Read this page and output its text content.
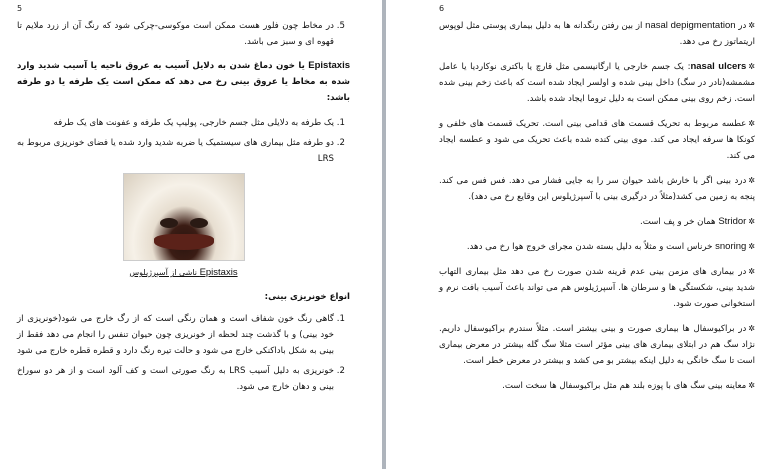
5
5. در مخاط چون فلور هست ممکن است موکوسی-چرکی شود که رنگ آن از زرد ملایم تا قهوه ای و سبز می باشد.

Epistaxis یا خون دماغ شدن به دلایل آسیب به عروق ناحیه یا آسیب شدید وارد شده به مخاط یا عروق بینی رخ می دهد که ممکن است یک طرفه یا دو طرفه باشد:

1. یک طرفه به دلایلی مثل جسم خارجی، پولیپ یک طرفه و عفونت های یک طرفه
2. دو طرفه مثل بیماری های سیستمیک یا ضربه شدید وارد شده یا فضای خونریزی مربوط به LRS
Epistaxis ناشی از آسپرژیلوس
انواع خونریزی بینی:
1. گاهی رنگ خون شفاف است و همان رنگی است که از رگ خارج می شود(خونریزی از خود بینی) و با گذشت چند لحظه از خونریزی چون حیوان تنفس را انجام می دهد فقط از بینی به شکل باداکنکی خارج می شود و حالت تیره رنگ دارد و قطره قطره خارج می شود
2. خونریزی به دلیل آسیب LRS به رنگ صورتی است و کف آلود است و از هر دو سوراخ بینی و دهان خارج می شود.
6
✲در nasal depigmentation از بین رفتن رنگدانه ها به دلیل بیماری پوستی مثل لوپوس اریتماتوز رخ می دهد.
✲nasal ulcers: یک جسم خارجی یا ارگانیسمی مثل قارچ یا باکتری نوکاردیا یا عامل مشمشه(نادر در سگ) داخل بینی شده و اولسر ایجاد شده است که باعث زخم بینی شده است. زخم روی بینی ممکن است به دلیل تروما ایجاد شده باشد.
✲عطسه مربوط به تحریک قسمت های قدامی بینی است. تحریک قسمت های خلفی و کونکا ها سرفه ایجاد می کند. موی بینی کنده شده باعث تحریک می شود و عطسه ایجاد می کند.
✲درد بینی اگر با خارش باشد حیوان سر را به جایی فشار می دهد. فس فس می کند. پنجه به زمین می کشد(مثلاً در درگیری بینی با آسپرژیلوس این وقایع رخ می دهد).
✲Stridor همان خر و پف است.
✲snoring خرناس است و مثلاً به دلیل بسته شدن مجرای خروج هوا رخ می دهد.
✲در بیماری های مزمن بینی عدم قرینه شدن صورت رخ می دهد مثل بیماری التهاب شدید بینی، شکستگی ها و سرطان ها. آسپرژیلوس هم می تواند باعث آسیب بافت نرم و استخوانی صورت شود.
✲در براکیوسفال ها بیماری صورت و بینی بیشتر است. مثلاً سندرم براکیوسفال داریم. نژاد سگ هم در ابتلای بیماری های بینی مؤثر است مثلا سگ گله بیشتر در معرض بیماری است تا سگ خانگی به دلیل اینکه بیشتر بو می کشد و بیشتر در معرض خطر است.
✲معاینه بینی سگ های با پوزه بلند هم مثل براکیوسفال ها سخت است.
